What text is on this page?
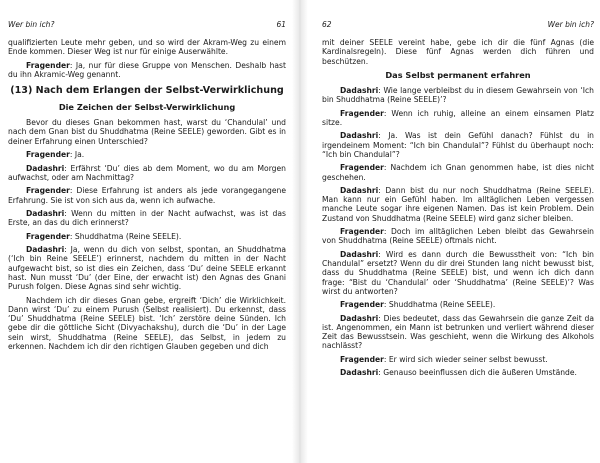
Wer bin ich?	61

qualifizierten Leute mehr geben, und so wird der Akram-Weg zu einem Ende kommen. Dieser Weg ist nur für einige Auserwählte.

Fragender: Ja, nur für diese Gruppe von Menschen. Deshalb hast du ihn Akramic-Weg genannt.

(13) Nach dem Erlangen der Selbst-Verwirklichung
Die Zeichen der Selbst-Verwirklichung

Bevor du dieses Gnan bekommen hast, warst du ‘Chandulal’ und nach dem Gnan bist du Shuddhatma (Reine SEELE) geworden. Gibt es in deiner Erfahrung einen Unterschied?

Fragender: Ja.

Dadashri: Erfährst ‘Du’ dies ab dem Moment, wo du am Morgen aufwachst, oder am Nachmittag?

Fragender: Diese Erfahrung ist anders als jede vorangegangene Erfahrung. Sie ist von sich aus da, wenn ich aufwache.

Dadashri: Wenn du mitten in der Nacht aufwachst, was ist das Erste, an das du dich erinnerst?

Fragender: Shuddhatma (Reine SEELE).

Dadashri: Ja, wenn du dich von selbst, spontan, an Shuddhatma (‘Ich bin Reine SEELE’) erinnerst, nachdem du mitten in der Nacht aufgewacht bist, so ist dies ein Zeichen, dass ‘Du’ deine SEELE erkannt hast. Nun musst ‘Du’ (der Eine, der erwacht ist) den Agnas des Gnani Purush folgen. Diese Agnas sind sehr wichtig.

Nachdem ich dir dieses Gnan gebe, ergreift ‘Dich’ die Wirklichkeit. Dann wirst ‘Du’ zu einem Purush (Selbst realisiert). Du erkennst, dass ‘Du’ Shuddhatma (Reine SEELE) bist. ‘Ich’ zerstöre deine Sünden. Ich gebe dir die göttliche Sicht (Divyachakshu), durch die ‘Du’ in der Lage sein wirst, Shuddhatma (Reine SEELE), das Selbst, in jedem zu erkennen. Nachdem ich dir den richtigen Glauben gegeben und dich

62	Wer bin ich?

mit deiner SEELE vereint habe, gebe ich dir die fünf Agnas (die Kardinalsregeln). Diese fünf Agnas werden dich führen und beschützen.

Das Selbst permanent erfahren

Dadashri: Wie lange verbleibst du in diesem Gewahrsein von ‘Ich bin Shuddhatma (Reine SEELE)’?

Fragender: Wenn ich ruhig, alleine an einem einsamen Platz sitze.

Dadashri: Ja. Was ist dein Gefühl danach? Fühlst du in irgendeinem Moment: “Ich bin Chandulal”? Fühlst du überhaupt noch: “Ich bin Chandulal”?

Fragender: Nachdem ich Gnan genommen habe, ist dies nicht geschehen.

Dadashri: Dann bist du nur noch Shuddhatma (Reine SEELE). Man kann nur ein Gefühl haben. Im alltäglichen Leben vergessen manche Leute sogar ihre eigenen Namen. Das ist kein Problem. Dein Zustand von Shuddhatma (Reine SEELE) wird ganz sicher bleiben.

Fragender: Doch im alltäglichen Leben bleibt das Gewahrsein von Shuddhatma (Reine SEELE) oftmals nicht.

Dadashri: Wird es dann durch die Bewusstheit von: “Ich bin Chandulal” ersetzt? Wenn du dir drei Stunden lang nicht bewusst bist, dass du Shuddhatma (Reine SEELE) bist, und wenn ich dich dann frage: “Bist du ‘Chandulal’ oder ‘Shuddhatma’ (Reine SEELE)’? Was wirst du antworten?

Fragender: Shuddhatma (Reine SEELE).

Dadashri: Dies bedeutet, dass das Gewahrsein die ganze Zeit da ist. Angenommen, ein Mann ist betrunken und verliert während dieser Zeit das Bewusstsein. Was geschieht, wenn die Wirkung des Alkohols nachlässt?

Fragender: Er wird sich wieder seiner selbst bewusst.

Dadashri: Genauso beeinflussen dich die äußeren Umstände.
